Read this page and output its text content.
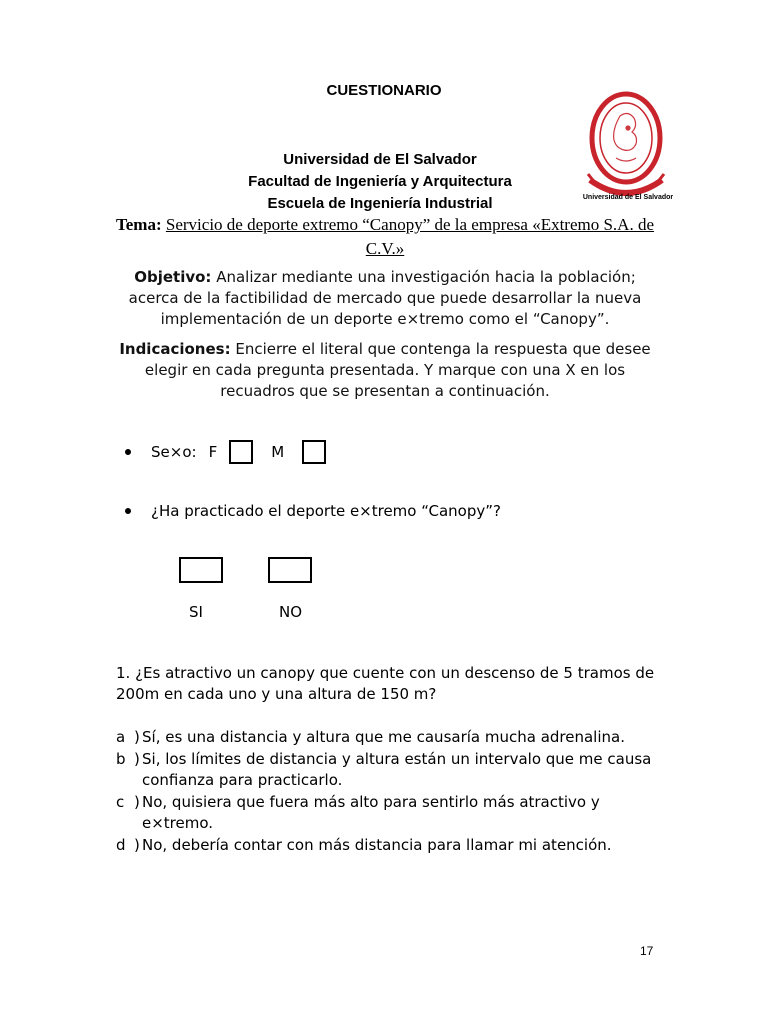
CUESTIONARIO
Universidad de El Salvador
Facultad de Ingeniería y Arquitectura
Escuela de Ingeniería Industrial	Universidad de El Salvador
Tema: Servicio de deporte extremo “Canopy” de la empresa «Extremo S.A. de C.V.»
Objetivo: Analizar mediante una investigación hacia la población; acerca de la factibilidad de mercado que puede desarrollar la nueva implementación de un deporte e×tremo como el “Canopy”.
Indicaciones: Encierre el literal que contenga la respuesta que desee elegir en cada pregunta presentada. Y marque con una X en los recuadros que se presentan a continuación.
Se×o: F	M
¿Ha practicado el deporte e×tremo “Canopy”?
SI	NO
1. ¿Es atractivo un canopy que cuente con un descenso de 5 tramos de 200m en cada uno y una altura de 150 m?
a ) Sí, es una distancia y altura que me causaría mucha adrenalina.
b ) Si, los límites de distancia y altura están un intervalo que me causa confianza para practicarlo.
c ) No, quisiera que fuera más alto para sentirlo más atractivo y e×tremo.
d ) No, debería contar con más distancia para llamar mi atención.
17
